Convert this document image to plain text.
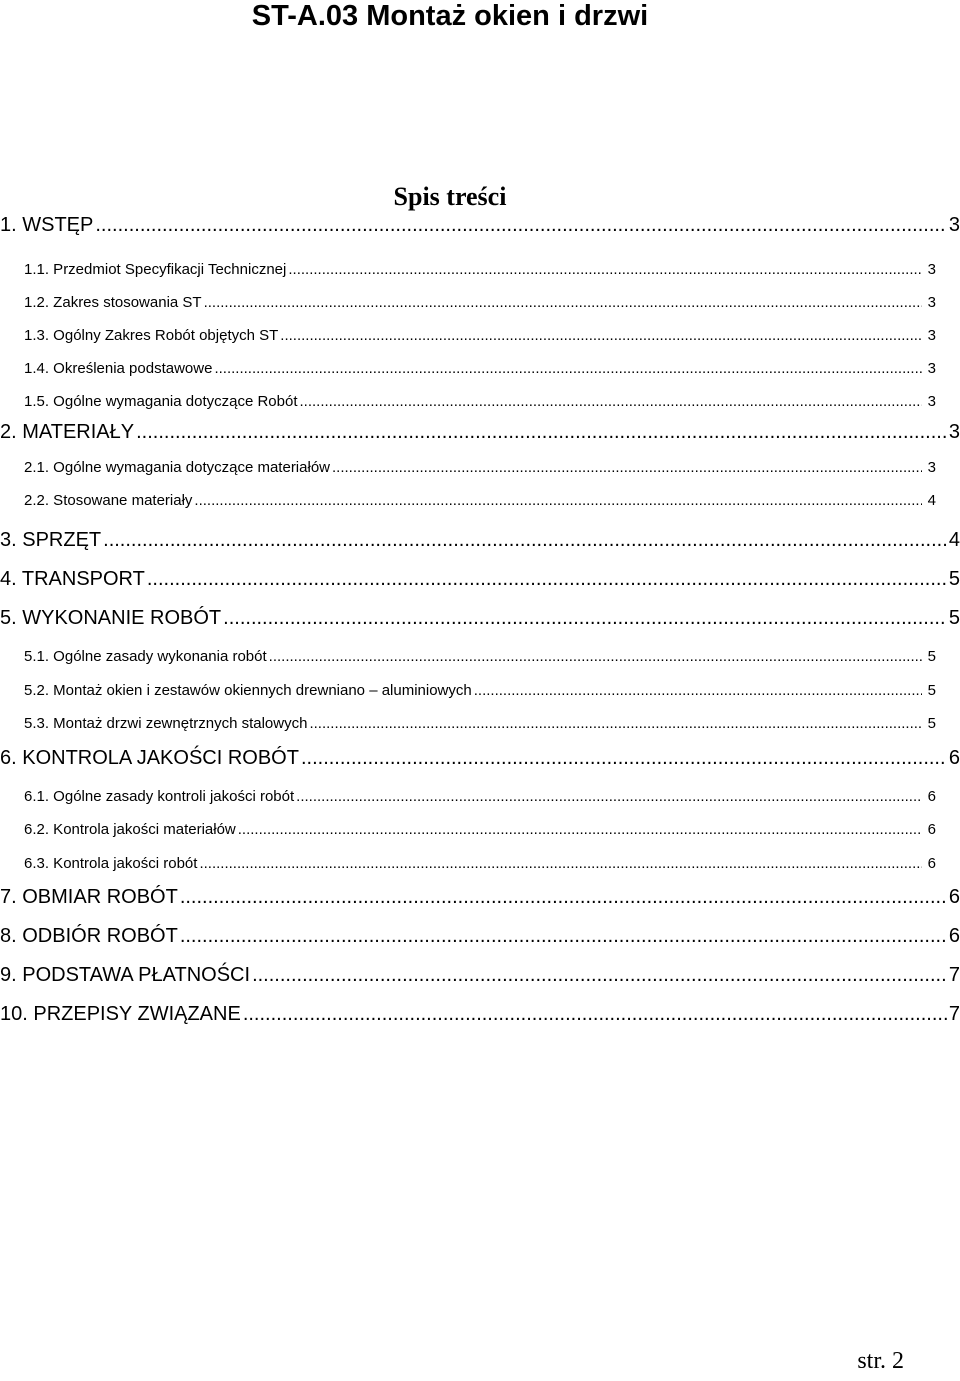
ST-A.03 Montaż okien i drzwi
Spis treści
1. WSTĘP .....	3
1.1. Przedmiot Specyfikacji Technicznej .....	3
1.2. Zakres stosowania ST .....	3
1.3. Ogólny Zakres Robót objętych ST .....	3
1.4. Określenia podstawowe .....	3
1.5. Ogólne wymagania dotyczące Robót .....	3
2. MATERIAŁY .....	3
2.1. Ogólne wymagania dotyczące materiałów .....	3
2.2. Stosowane materiały .....	4
3. SPRZĘT .....	4
4. TRANSPORT .....	5
5. WYKONANIE ROBÓT .....	5
5.1. Ogólne zasady wykonania robót .....	5
5.2. Montaż okien i zestawów okiennych drewniano – aluminiowych .....	5
5.3. Montaż drzwi zewnętrznych stalowych .....	5
6. KONTROLA JAKOŚCI ROBÓT .....	6
6.1. Ogólne zasady kontroli jakości robót .....	6
6.2. Kontrola jakości materiałów .....	6
6.3. Kontrola jakości robót .....	6
7. OBMIAR ROBÓT .....	6
8. ODBIÓR ROBÓT .....	6
9. PODSTAWA PŁATNOŚCI .....	7
10. PRZEPISY ZWIĄZANE .....	7
str. 2
